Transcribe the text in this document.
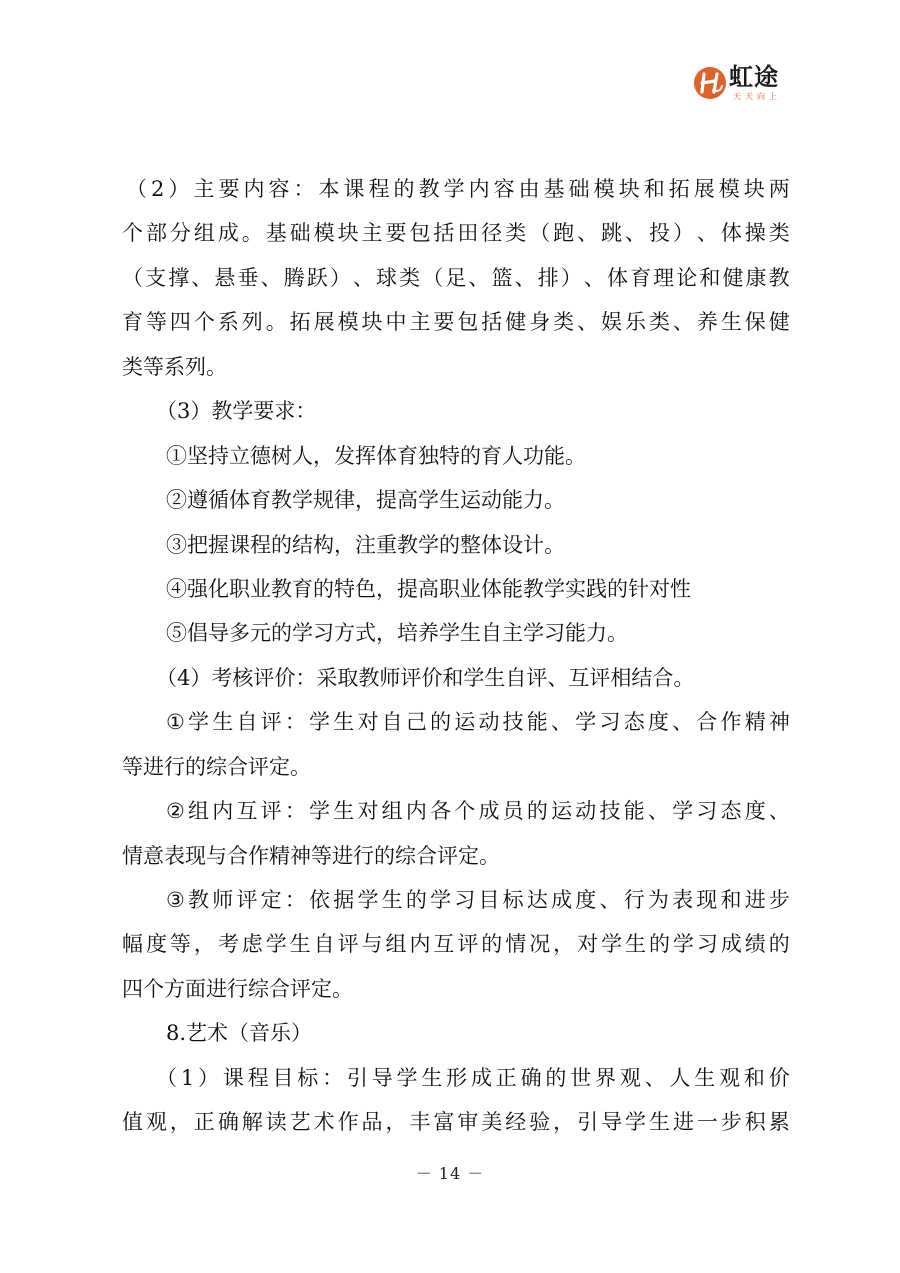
虹途
天天向上
（ 2 ） 主 要 内 容 ： 本 课 程 的 教 学 内 容 由 基 础 模 块 和 拓 展 模 块 两
个 部 分 组 成 。 基 础 模 块 主 要 包 括 田 径 类 （ 跑 、 跳 、 投 ） 、 体 操 类
（ 支 撑 、 悬 垂 、 腾 跃 ） 、 球 类 （ 足 、 篮 、 排 ） 、 体 育 理 论 和 健 康 教
育 等 四 个 系 列 。 拓 展 模 块 中 主 要 包 括 健 身 类 、 娱 乐 类 、 养 生 保 健
类等系列。
（3）教学要求：
①坚持立德树人，发挥体育独特的育人功能。
②遵循体育教学规律，提高学生运动能力。
③把握课程的结构，注重教学的整体设计。
④强化职业教育的特色，提高职业体能教学实践的针对性
⑤倡导多元的学习方式，培养学生自主学习能力。
（4）考核评价：采取教师评价和学生自评、互评相结合。
① 学 生 自 评 ： 学 生 对 自 己 的 运 动 技 能 、 学 习 态 度 、 合 作 精 神
等进行的综合评定。
② 组 内 互 评 ： 学 生 对 组 内 各 个 成 员 的 运 动 技 能 、 学 习 态 度 、
情意表现与合作精神等进行的综合评定。
③ 教 师 评 定 ： 依 据 学 生 的 学 习 目 标 达 成 度 、 行 为 表 现 和 进 步
幅 度 等 ， 考 虑 学 生 自 评 与 组 内 互 评 的 情 况 ， 对 学 生 的 学 习 成 绩 的
四个方面进行综合评定。
8.艺术（音乐）
（ 1 ） 课 程 目 标 ： 引 导 学 生 形 成 正 确 的 世 界 观 、 人 生 观 和 价
值 观 ， 正 确 解 读 艺 术 作 品 ， 丰 富 审 美 经 验 ， 引 导 学 生 进 一 步 积 累
－ 14 －
